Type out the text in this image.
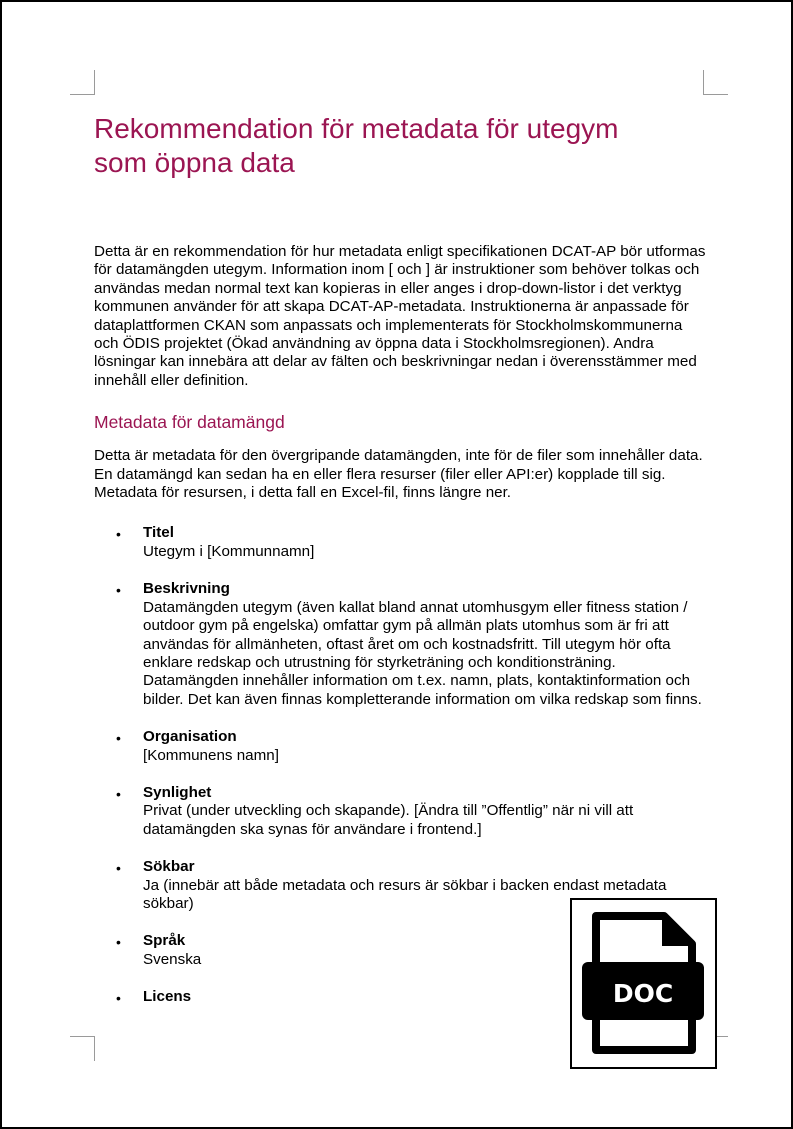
Rekommendation för metadata för utegym som öppna data

Detta är en rekommendation för hur metadata enligt specifikationen DCAT-AP bör utformas för datamängden utegym. Information inom [ och ] är instruktioner som behöver tolkas och användas medan normal text kan kopieras in eller anges i drop-down-listor i det verktyg kommunen använder för att skapa DCAT-AP-metadata. Instruktionerna är anpassade för dataplattformen CKAN som anpassats och implementerats för Stockholmskommunerna och ÖDIS projektet (Ökad användning av öppna data i Stockholmsregionen). Andra lösningar kan innebära att delar av fälten och beskrivningar nedan i överensstämmer med innehåll eller definition.

Metadata för datamängd

Detta är metadata för den övergripande datamängden, inte för de filer som innehåller data. En datamängd kan sedan ha en eller flera resurser (filer eller API:er) kopplade till sig. Metadata för resursen, i detta fall en Excel-fil, finns längre ner.

• Titel
Utegym i [Kommunnamn]
• Beskrivning
Datamängden utegym (även kallat bland annat utomhusgym eller fitness station / outdoor gym på engelska) omfattar gym på allmän plats utomhus som är fri att användas för allmänheten, oftast året om och kostnadsfritt. Till utegym hör ofta enklare redskap och utrustning för styrketräning och konditionsträning. Datamängden innehåller information om t.ex. namn, plats, kontaktinformation och bilder. Det kan även finnas kompletterande information om vilka redskap som finns.
• Organisation
[Kommunens namn]
• Synlighet
Privat (under utveckling och skapande). [Ändra till ”Offentlig” när ni vill att datamängden ska synas för användare i frontend.]
• Sökbar
Ja (innebär att både metadata och resurs är sökbar i backen endast metadata sökbar)
• Språk
Svenska
• Licens	DOC
